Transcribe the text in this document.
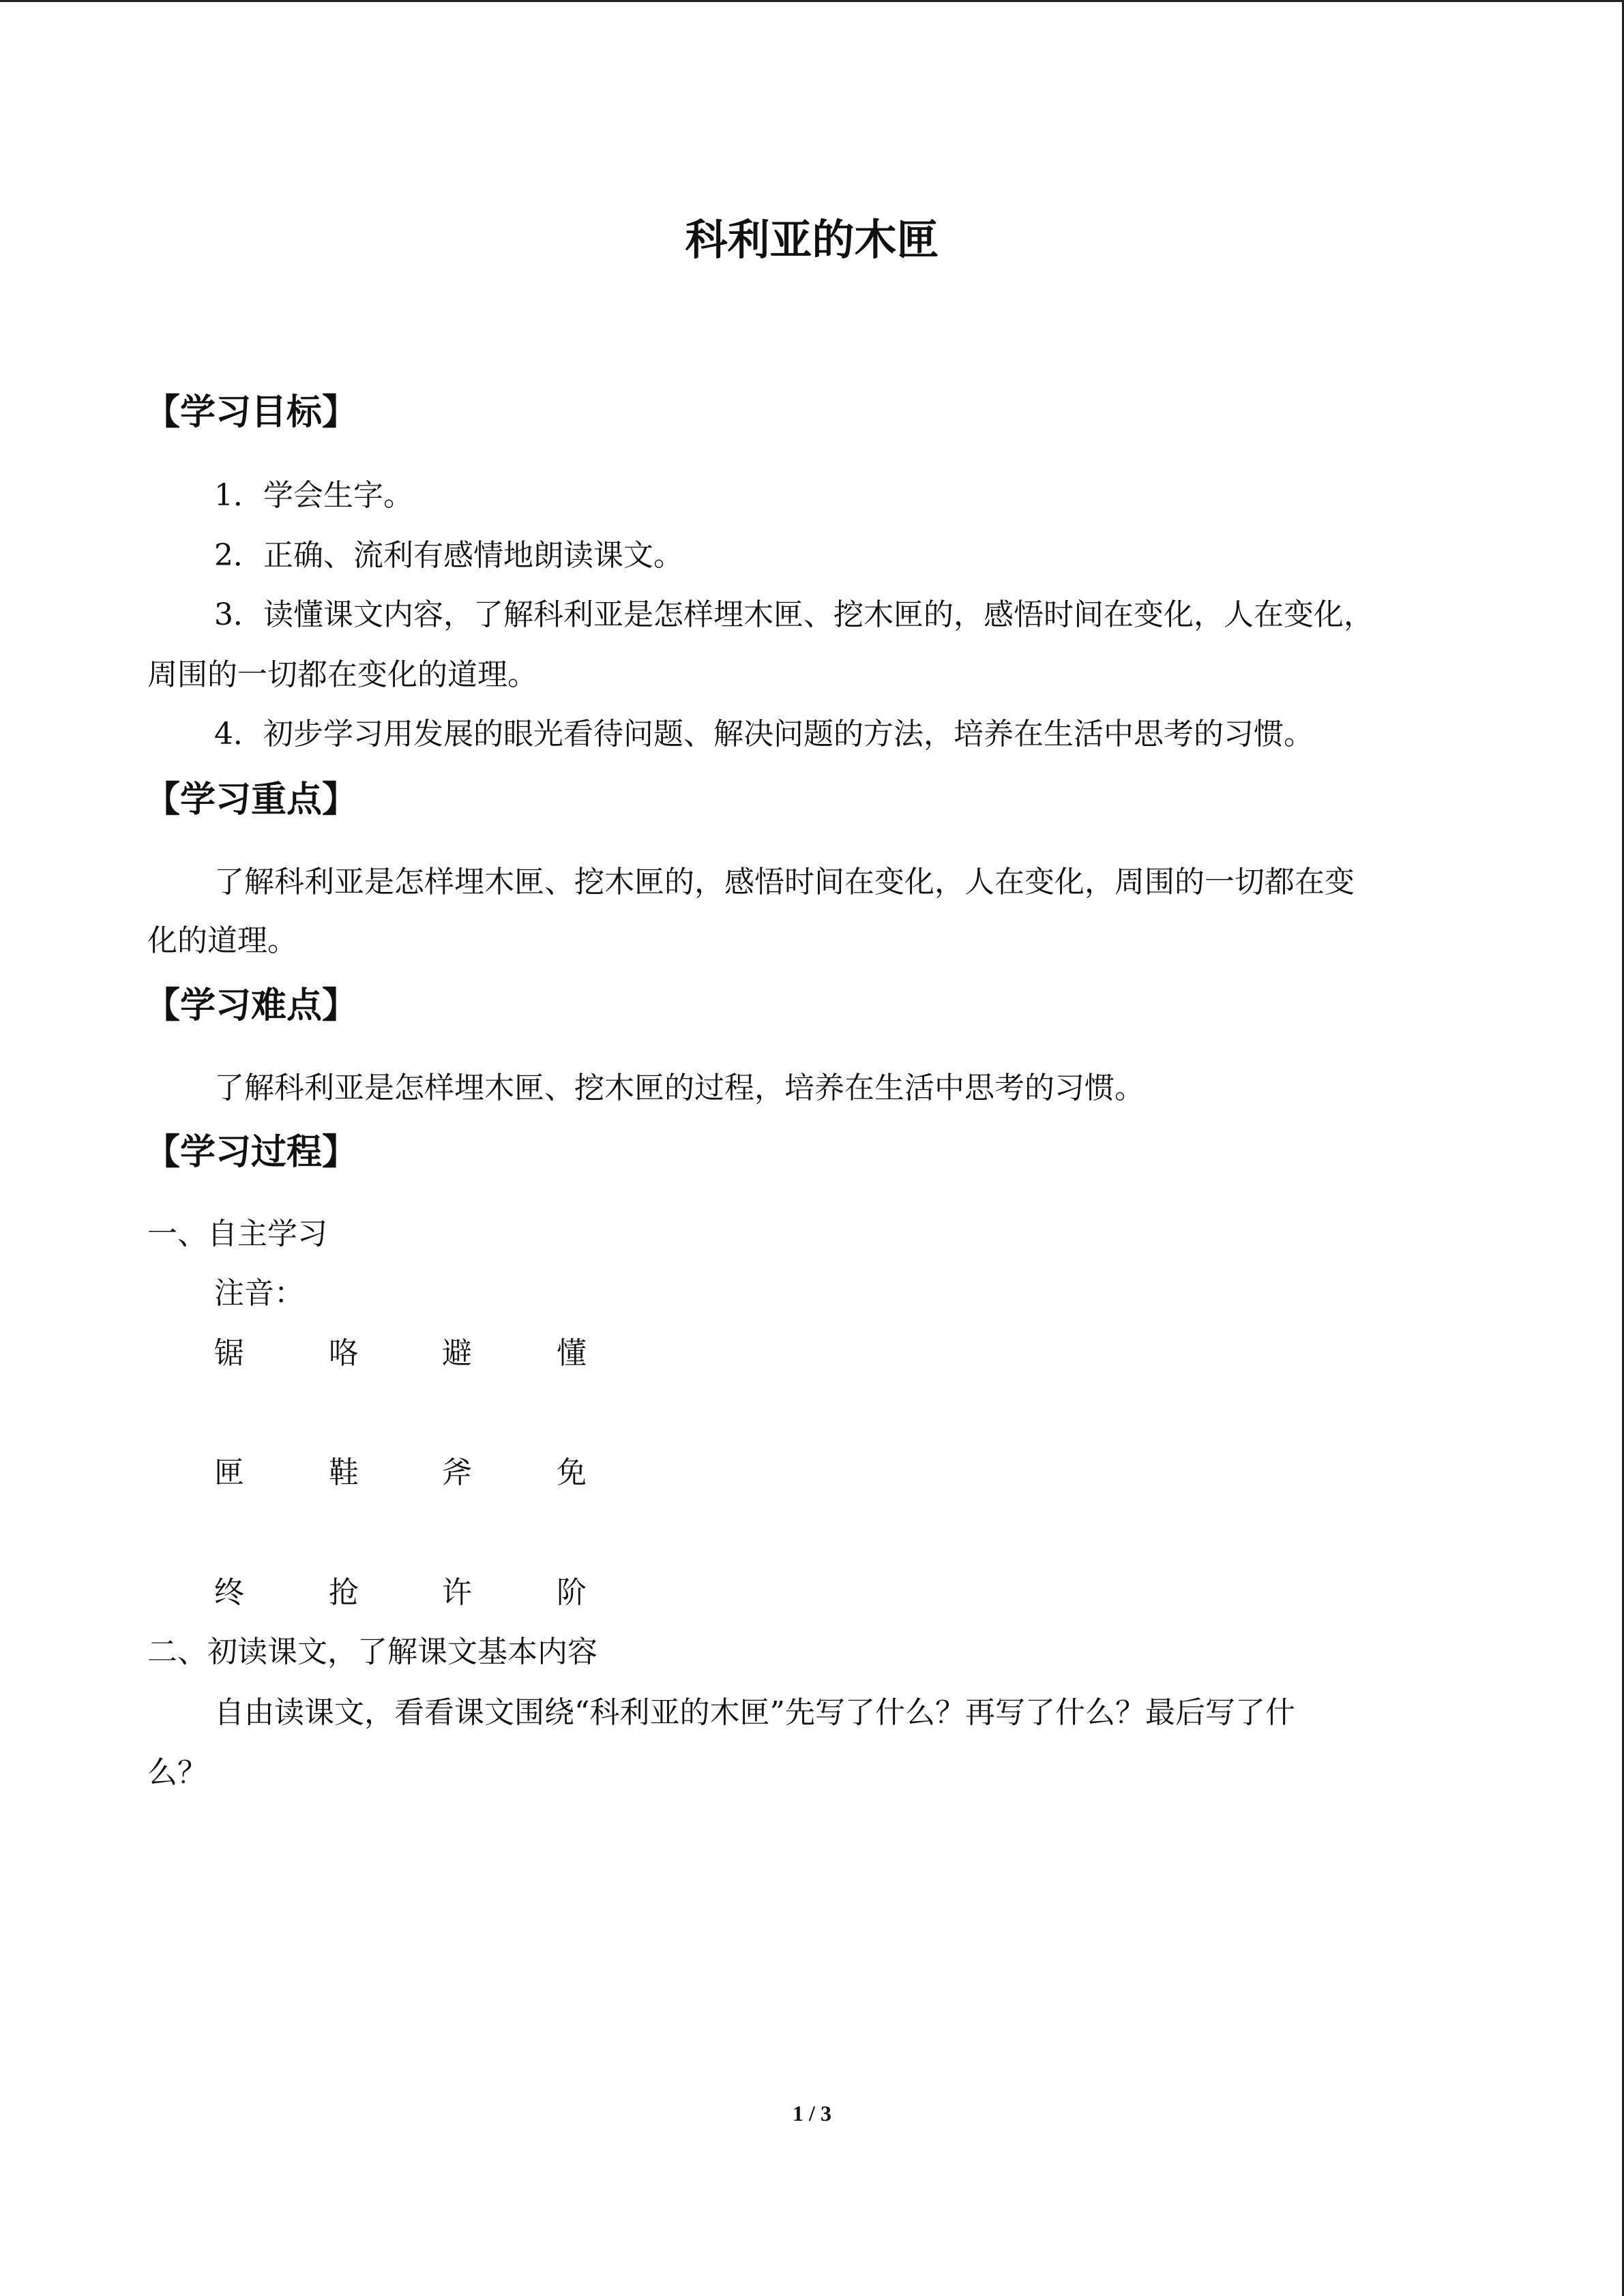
科利亚的木匣
【学习目标】
1．学会生字。
2．正确、流利有感情地朗读课文。
3．读懂课文内容，了解科利亚是怎样埋木匣、挖木匣的，感悟时间在变化，人在变化，
周围的一切都在变化的道理。
4．初步学习用发展的眼光看待问题、解决问题的方法，培养在生活中思考的习惯。
【学习重点】
了解科利亚是怎样埋木匣、挖木匣的，感悟时间在变化，人在变化，周围的一切都在变
化的道理。
【学习难点】
了解科利亚是怎样埋木匣、挖木匣的过程，培养在生活中思考的习惯。
【学习过程】
一、自主学习
注音：
锯	咯	避	懂
匣	鞋	斧	免
终	抢	许	阶
二、初读课文，了解课文基本内容
自由读课文，看看课文围绕“科利亚的木匣”先写了什么？再写了什么？最后写了什
么？
1 / 3
